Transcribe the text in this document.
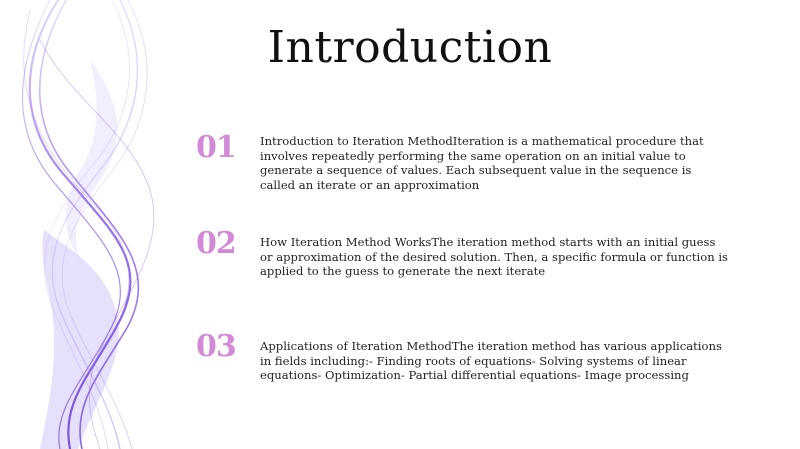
Introduction
01	Introduction to Iteration MethodIteration is a mathematical procedure that involves repeatedly performing the same operation on an initial value to generate a sequence of values. Each subsequent value in the sequence is called an iterate or an approximation
02	How Iteration Method WorksThe iteration method starts with an initial guess or approximation of the desired solution. Then, a specific formula or function is applied to the guess to generate the next iterate
03	Applications of Iteration MethodThe iteration method has various applications in fields including:- Finding roots of equations- Solving systems of linear equations- Optimization- Partial differential equations- Image processing
